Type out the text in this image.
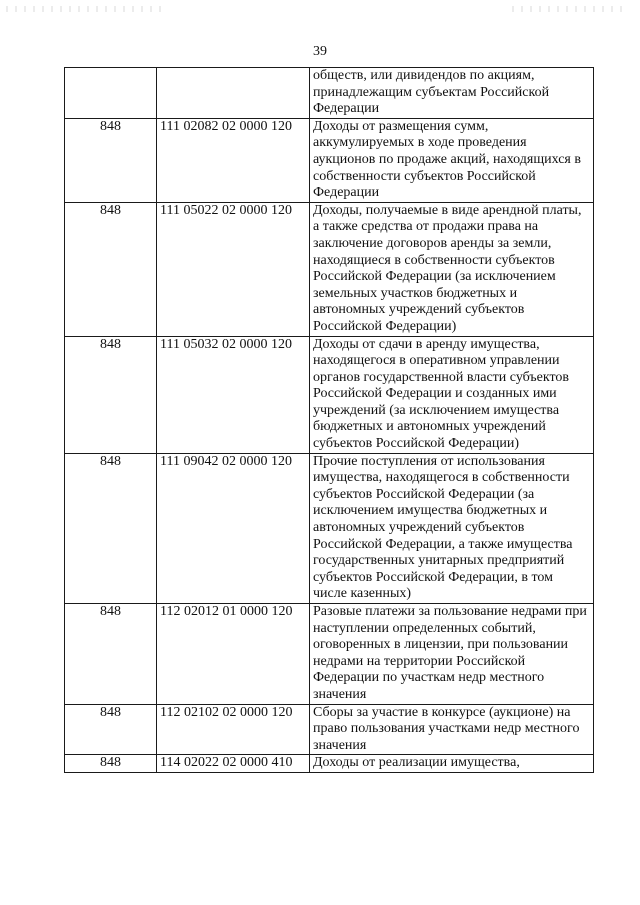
39
		обществ, или дивидендов по акциям, принадлежащим субъектам Российской Федерации
848	111 02082 02 0000 120	Доходы от размещения сумм, аккумулируемых в ходе проведения аукционов по продаже акций, находящихся в собственности субъектов Российской Федерации
848	111 05022 02 0000 120	Доходы, получаемые в виде арендной платы, а также средства от продажи права на заключение договоров аренды за земли, находящиеся в собственности субъектов Российской Федерации (за исключением земельных участков бюджетных и автономных учреждений субъектов Российской Федерации)
848	111 05032 02 0000 120	Доходы от сдачи в аренду имущества, находящегося в оперативном управлении органов государственной власти субъектов Российской Федерации и созданных ими учреждений (за исключением имущества бюджетных и автономных учреждений субъектов Российской Федерации)
848	111 09042 02 0000 120	Прочие поступления от использования имущества, находящегося в собственности субъектов Российской Федерации (за исключением имущества бюджетных и автономных учреждений субъектов Российской Федерации, а также имущества государственных унитарных предприятий субъектов Российской Федерации, в том числе казенных)
848	112 02012 01 0000 120	Разовые платежи за пользование недрами при наступлении определенных событий, оговоренных в лицензии, при пользовании недрами на территории Российской Федерации по участкам недр местного значения
848	112 02102 02 0000 120	Сборы за участие в конкурсе (аукционе) на право пользования участками недр местного значения
848	114 02022 02 0000 410	Доходы от реализации имущества,
